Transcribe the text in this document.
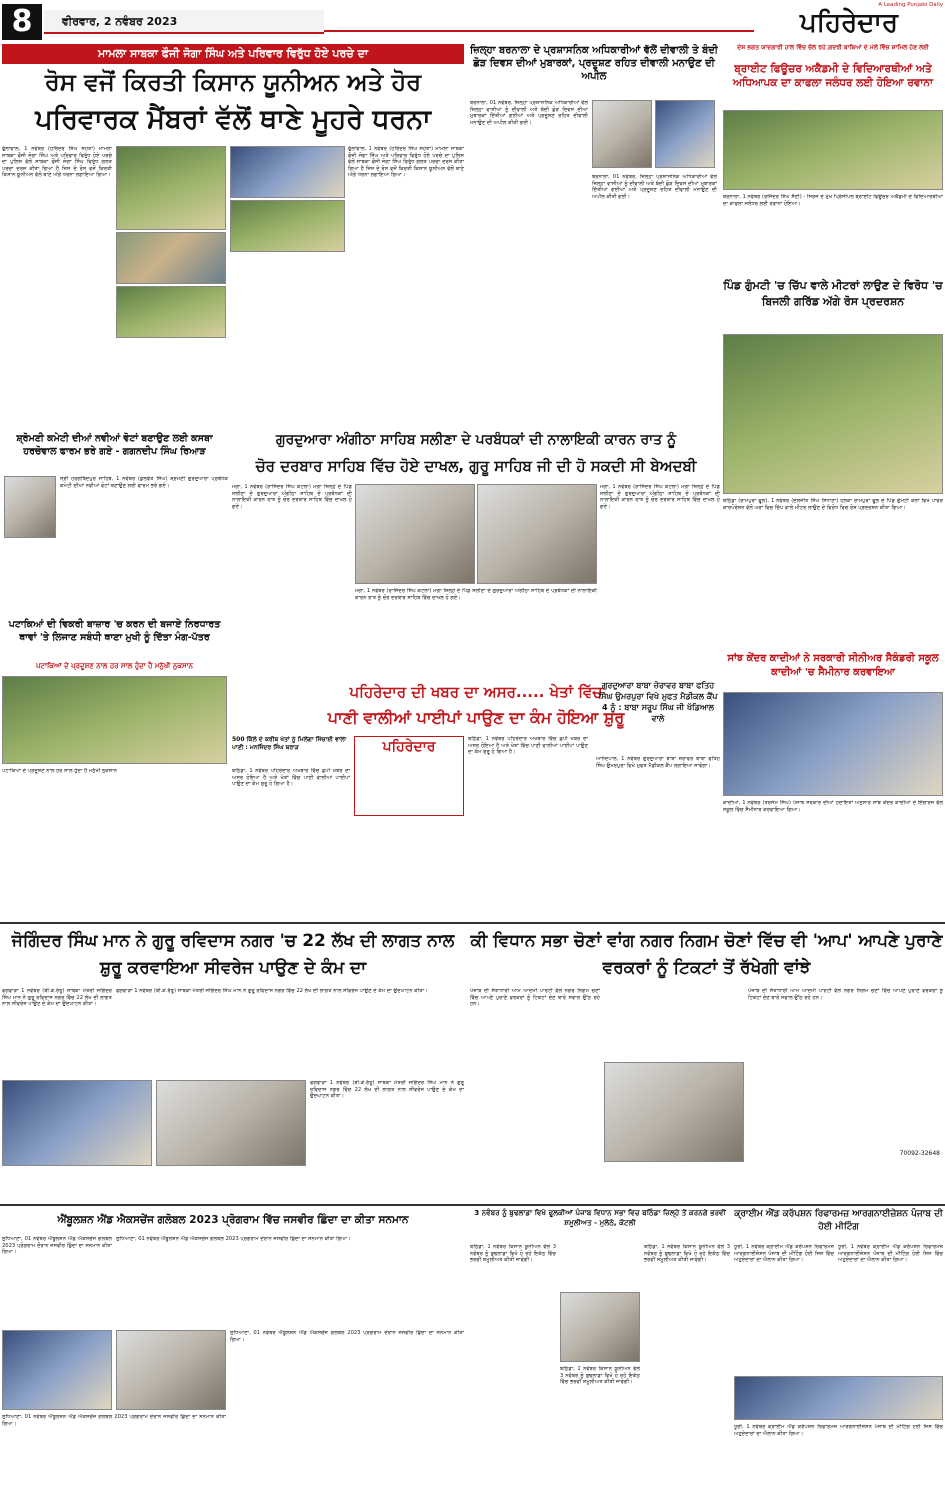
8	ਵੀਰਵਾਰ, 2 ਨਵੰਬਰ 2023
A Leading Punjabi Daily
ਪਹਿਰੇਦਾਰ
ਮਾਮਲਾ ਸਾਬਕਾ ਫੌਜੀ ਜੋਗਾ ਸਿੰਘ ਅਤੇ ਪਰਿਵਾਰ ਵਿਰੁੱਧ ਹੋਏ ਪਰਚੇ ਦਾ
ਰੋਸ ਵਜੋਂ ਕਿਰਤੀ ਕਿਸਾਨ ਯੂਨੀਅਨ ਅਤੇ ਹੋਰ
ਪਰਿਵਾਰਕ ਮੈਂਬਰਾਂ ਵੱਲੋਂ ਥਾਣੇ ਮੂਹਰੇ ਧਰਨਾ
ਫੁੱਲਾਂਵਾਲ, 1 ਨਵੰਬਰ (ਹਰਿੰਦਰ ਸਿੰਘ ਸਹੋਤਾ) ਮਾਮਲਾ ਸਾਬਕਾ ਫੌਜੀ ਜੋਗਾ ਸਿੰਘ ਅਤੇ ਪਰਿਵਾਰ ਵਿਰੁੱਧ ਹੋਏ ਪਰਚੇ ਦਾ ਪੁਲਿਸ ਵੱਲੋਂ ਸਾਬਕਾ ਫੌਜੀ ਜੋਗਾ ਸਿੰਘ ਵਿਰੁੱਧ ਗਲਤ ਪਰਚਾ ਦਰਜ ਕੀਤਾ ਗਿਆ ਹੈ ਜਿਸ ਦੇ ਰੋਸ ਵਜੋਂ ਕਿਰਤੀ ਕਿਸਾਨ ਯੂਨੀਅਨ ਵੱਲੋਂ ਥਾਣੇ ਅੱਗੇ ਧਰਨਾ ਲਗਾਇਆ ਗਿਆ।
ਫੁੱਲਾਂਵਾਲ, 1 ਨਵੰਬਰ (ਹਰਿੰਦਰ ਸਿੰਘ ਸਹੋਤਾ) ਮਾਮਲਾ ਸਾਬਕਾ ਫੌਜੀ ਜੋਗਾ ਸਿੰਘ ਅਤੇ ਪਰਿਵਾਰ ਵਿਰੁੱਧ ਹੋਏ ਪਰਚੇ ਦਾ ਪੁਲਿਸ ਵੱਲੋਂ ਸਾਬਕਾ ਫੌਜੀ ਜੋਗਾ ਸਿੰਘ ਵਿਰੁੱਧ ਗਲਤ ਪਰਚਾ ਦਰਜ ਕੀਤਾ ਗਿਆ ਹੈ ਜਿਸ ਦੇ ਰੋਸ ਵਜੋਂ ਕਿਰਤੀ ਕਿਸਾਨ ਯੂਨੀਅਨ ਵੱਲੋਂ ਥਾਣੇ ਅੱਗੇ ਧਰਨਾ ਲਗਾਇਆ ਗਿਆ।
ਜ਼ਿਲ੍ਹਾ ਬਰਨਾਲਾ ਦੇ ਪ੍ਰਸ਼ਾਸਨਿਕ ਅਧਿਕਾਰੀਆਂ ਵੱਲੋਂ ਦੀਵਾਲੀ ਤੇ ਬੰਦੀ ਛੋੜ ਦਿਵਸ ਦੀਆਂ ਮੁਬਾਰਕਾਂ, ਪ੍ਰਦੂਸ਼ਣ ਰਹਿਤ ਦੀਵਾਲੀ ਮਨਾਉਣ ਦੀ ਅਪੀਲ
ਬਰਨਾਲਾ, 01 ਨਵੰਬਰ, ਜ਼ਿਲ੍ਹਾ ਪ੍ਰਸ਼ਾਸਨਿਕ ਅਧਿਕਾਰੀਆਂ ਵੱਲੋਂ ਜ਼ਿਲ੍ਹਾ ਵਾਸੀਆਂ ਨੂੰ ਦੀਵਾਲੀ ਅਤੇ ਬੰਦੀ ਛੋੜ ਦਿਵਸ ਦੀਆਂ ਮੁਬਾਰਕਾਂ ਦਿੱਤੀਆਂ ਗਈਆਂ ਅਤੇ ਪ੍ਰਦੂਸ਼ਣ ਰਹਿਤ ਦੀਵਾਲੀ ਮਨਾਉਣ ਦੀ ਅਪੀਲ ਕੀਤੀ ਗਈ।
ਬਰਨਾਲਾ, 01 ਨਵੰਬਰ, ਜ਼ਿਲ੍ਹਾ ਪ੍ਰਸ਼ਾਸਨਿਕ ਅਧਿਕਾਰੀਆਂ ਵੱਲੋਂ ਜ਼ਿਲ੍ਹਾ ਵਾਸੀਆਂ ਨੂੰ ਦੀਵਾਲੀ ਅਤੇ ਬੰਦੀ ਛੋੜ ਦਿਵਸ ਦੀਆਂ ਮੁਬਾਰਕਾਂ ਦਿੱਤੀਆਂ ਗਈਆਂ ਅਤੇ ਪ੍ਰਦੂਸ਼ਣ ਰਹਿਤ ਦੀਵਾਲੀ ਮਨਾਉਣ ਦੀ ਅਪੀਲ ਕੀਤੀ ਗਈ।
ਦੇਸ਼ ਭਗਤ ਯਾਦਗਾਰੀ ਹਾਲ ਵਿੱਚ ਚੱਲ ਰਹੇ ਗ਼ਦਰੀ ਬਾਬਿਆਂ ਦੇ ਮੇਲੇ ਵਿੱਚ ਸ਼ਾਮਿਲ ਹੋਣ ਲਈ
ਬ੍ਰਾਈਟ ਫਿਊਚਰ ਅਕੈਡਮੀ ਦੇ ਵਿਦਿਆਰਥੀਆਂ ਅਤੇ ਅਧਿਆਪਕ ਦਾ ਕਾਫਲਾ ਜਲੰਧਰ ਲਈ ਹੋਇਆ ਰਵਾਨਾ
ਬਰਨਾਲਾ, 1 ਨਵੰਬਰ (ਰਜਿੰਦਰ ਸਿੰਘ ਸੈਣੀ) - ਸਿਰਜ ਦੇ ਮੁੱਖ ਪ੍ਰਿੰਸੀਪਲ ਬ੍ਰਾਈਟ ਫਿਊਚਰ ਅਕੈਡਮੀ ਦੇ ਵਿਦਿਆਰਥੀਆਂ ਦਾ ਕਾਫਲਾ ਜਲੰਧਰ ਲਈ ਰਵਾਨਾ ਹੋਇਆ।
ਪਿੰਡ ਗੁੰਮਟੀ 'ਚ ਚਿੱਪ ਵਾਲੇ ਮੀਟਰਾਂ ਲਾਉਣ ਦੇ ਵਿਰੋਧ 'ਚ ਬਿਜਲੀ ਗਰਿੱਡ ਅੱਗੇ ਰੋਸ ਪ੍ਰਦਰਸ਼ਨ
ਬਠਿੰਡਾ (ਰਾਮਪੁਰਾ ਫੂਲ), 1 ਨਵੰਬਰ (ਦਲਜੀਤ ਸਿੰਘ ਸਿਧਾਣਾ) ਹਲਕਾ ਰਾਮਪੁਰਾ ਫੂਲ ਦੇ ਪਿੰਡ ਗੁੰਮਟੀ ਕਲਾਂ ਵਿਖੇ ਪਾਵਰ ਕਾਰਪੋਰੇਸ਼ਨ ਵੱਲੋਂ ਘਰਾਂ ਵਿਚ ਚਿੱਪ ਵਾਲੇ ਮੀਟਰ ਲਾਉਣ ਦੇ ਵਿਰੋਧ ਵਿਚ ਰੋਸ ਪ੍ਰਦਰਸ਼ਨ ਕੀਤਾ ਗਿਆ।
ਸ਼੍ਰੋਮਣੀ ਕਮੇਟੀ ਦੀਆਂ ਨਵੀਆਂ ਵੋਟਾਂ ਬਣਾਉਣ ਲਈ ਕਸਬਾ ਹਰਚੋਵਾਲ ਫਾਰਮ ਭਰੇ ਗਏ - ਗਗਨਦੀਪ ਸਿੰਘ ਰਿਆੜ
ਸ੍ਰੀ ਹਰਗੋਬਿੰਦਪੁਰ ਸਾਹਿਬ, 1 ਨਵੰਬਰ (ਕੁਲਵੰਤ ਸਿੰਘ) ਸ਼੍ਰੋਮਣੀ ਗੁਰਦੁਆਰਾ ਪ੍ਰਬੰਧਕ ਕਮੇਟੀ ਦੀਆਂ ਨਵੀਆਂ ਵੋਟਾਂ ਬਣਾਉਣ ਲਈ ਫਾਰਮ ਭਰੇ ਗਏ।
ਪਟਾਕਿਆਂ ਦੀ ਵਿਕਰੀ ਬਾਜ਼ਾਰ 'ਚ ਕਰਨ ਦੀ ਬਜਾਏ ਨਿਰਧਾਰਤ ਥਾਵਾਂ 'ਤੇ ਲਿਜਾਣ ਸਬੰਧੀ ਥਾਣਾ ਮੁਖੀ ਨੂੰ ਦਿੱਤਾ ਮੰਗ-ਪੱਤਰ
ਪਟਾਕਿਆਂ ਦੇ ਪ੍ਰਦੂਸ਼ਣ ਨਾਲ ਹਰ ਸਾਲ ਹੁੰਦਾ ਹੈ ਮਨੁੱਖੀ ਨੁਕਸਾਨ
ਗੁਰਦੁਆਰਾ ਅੰਗੀਠਾ ਸਾਹਿਬ ਸਲੀਣਾ ਦੇ ਪਰਬੰਧਕਾਂ ਦੀ ਨਾਲਾਇਕੀ ਕਾਰਨ ਰਾਤ ਨੂੰ
ਚੋਰ ਦਰਬਾਰ ਸਾਹਿਬ ਵਿੱਚ ਹੋਏ ਦਾਖਲ, ਗੁਰੂ ਸਾਹਿਬ ਜੀ ਦੀ ਹੋ ਸਕਦੀ ਸੀ ਬੇਅਦਬੀ
ਮੋਗਾ, 1 ਨਵੰਬਰ (ਰਾਜਿੰਦਰ ਸਿੰਘ ਕੋਟਲਾ) ਮੋਗਾ ਜ਼ਿਲ੍ਹੇ ਦੇ ਪਿੰਡ ਸਲੀਣਾ ਦੇ ਗੁਰਦੁਆਰਾ ਅੰਗੀਠਾ ਸਾਹਿਬ ਦੇ ਪ੍ਰਬੰਧਕਾਂ ਦੀ ਨਾਲਾਇਕੀ ਕਾਰਨ ਰਾਤ ਨੂੰ ਚੋਰ ਦਰਬਾਰ ਸਾਹਿਬ ਵਿੱਚ ਦਾਖਲ ਹੋ ਗਏ।
ਮੋਗਾ, 1 ਨਵੰਬਰ (ਰਾਜਿੰਦਰ ਸਿੰਘ ਕੋਟਲਾ) ਮੋਗਾ ਜ਼ਿਲ੍ਹੇ ਦੇ ਪਿੰਡ ਸਲੀਣਾ ਦੇ ਗੁਰਦੁਆਰਾ ਅੰਗੀਠਾ ਸਾਹਿਬ ਦੇ ਪ੍ਰਬੰਧਕਾਂ ਦੀ ਨਾਲਾਇਕੀ ਕਾਰਨ ਰਾਤ ਨੂੰ ਚੋਰ ਦਰਬਾਰ ਸਾਹਿਬ ਵਿੱਚ ਦਾਖਲ ਹੋ ਗਏ।
ਮੋਗਾ, 1 ਨਵੰਬਰ (ਰਾਜਿੰਦਰ ਸਿੰਘ ਕੋਟਲਾ) ਮੋਗਾ ਜ਼ਿਲ੍ਹੇ ਦੇ ਪਿੰਡ ਸਲੀਣਾ ਦੇ ਗੁਰਦੁਆਰਾ ਅੰਗੀਠਾ ਸਾਹਿਬ ਦੇ ਪ੍ਰਬੰਧਕਾਂ ਦੀ ਨਾਲਾਇਕੀ ਕਾਰਨ ਰਾਤ ਨੂੰ ਚੋਰ ਦਰਬਾਰ ਸਾਹਿਬ ਵਿੱਚ ਦਾਖਲ ਹੋ ਗਏ।
ਪਹਿਰੇਦਾਰ ਦੀ ਖਬਰ ਦਾ ਅਸਰ..... ਖੇਤਾਂ ਵਿੱਚ
ਪਾਣੀ ਵਾਲੀਆਂ ਪਾਈਪਾਂ ਪਾਉਣ ਦਾ ਕੰਮ ਹੋਇਆ ਸ਼ੁਰੂ
500 ਕਿੱਲੇ ਦੇ ਕਰੀਬ ਖੇਤਾਂ ਨੂੰ ਮਿਲੇਗਾ ਸਿੰਚਾਈ ਵਾਲਾ ਪਾਣੀ : ਮਨਜਿੰਦਰ ਸਿੰਘ ਬਰਾੜ
ਬਠਿੰਡਾ, 1 ਨਵੰਬਰ ਪਹਿਰੇਦਾਰ ਅਖਬਾਰ ਵਿੱਚ ਛਪੀ ਖਬਰ ਦਾ ਅਸਰ ਹੋਇਆ ਹੈ ਅਤੇ ਖੇਤਾਂ ਵਿੱਚ ਪਾਣੀ ਵਾਲੀਆਂ ਪਾਈਪਾਂ ਪਾਉਣ ਦਾ ਕੰਮ ਸ਼ੁਰੂ ਹੋ ਗਿਆ ਹੈ।
ਪਹਿਰੇਦਾਰ	ਬਠਿੰਡਾ, 1 ਨਵੰਬਰ ਪਹਿਰੇਦਾਰ ਅਖਬਾਰ ਵਿੱਚ ਛਪੀ ਖਬਰ ਦਾ ਅਸਰ ਹੋਇਆ ਹੈ ਅਤੇ ਖੇਤਾਂ ਵਿੱਚ ਪਾਣੀ ਵਾਲੀਆਂ ਪਾਈਪਾਂ ਪਾਉਣ ਦਾ ਕੰਮ ਸ਼ੁਰੂ ਹੋ ਗਿਆ ਹੈ।
ਗੁਰਦੁਆਰਾ ਬਾਬਾ ਜ਼ੋਰਾਵਰ ਬਾਬਾ ਫਤਿਹ ਸਿੰਘ ਉਮਰਪੁਰਾ ਵਿਖੇ ਮੁਫਤ ਮੈਡੀਕਲ ਕੈਂਪ 4 ਨੂੰ : ਬਾਬਾ ਸਰੂਪ ਸਿੰਘ ਜੀ ਖੱਡਿਆਲ ਵਾਲੇ
ਆਨੰਦਪਾਲ, 1 ਨਵੰਬਰ ਗੁਰਦੁਆਰਾ ਬਾਬਾ ਜ਼ੋਰਾਵਰ ਬਾਬਾ ਫਤਿਹ ਸਿੰਘ ਉਮਰਪੁਰਾ ਵਿਖੇ ਮੁਫਤ ਮੈਡੀਕਲ ਕੈਂਪ ਲਗਾਇਆ ਜਾਵੇਗਾ।
ਸਾਂਝ ਕੇਂਦਰ ਕਾਦੀਆਂ ਨੇ ਸਰਕਾਰੀ ਸੀਨੀਅਰ ਸੈਕੰਡਰੀ ਸਕੂਲ ਕਾਦੀਆਂ 'ਚ ਸੈਮੀਨਾਰ ਕਰਵਾਇਆ
ਕਾਦੀਆਂ, 1 ਨਵੰਬਰ (ਤਰਸੇਮ ਸਿੰਘ) ਪੰਜਾਬ ਸਰਕਾਰ ਦੀਆਂ ਹਦਾਇਤਾਂ ਅਨੁਸਾਰ ਸਾਂਝ ਕੇਂਦਰ ਕਾਦੀਆਂ ਦੇ ਇੰਚਾਰਜ ਵੱਲੋਂ ਸਕੂਲ ਵਿੱਚ ਸੈਮੀਨਾਰ ਕਰਵਾਇਆ ਗਿਆ।
ਪਟਾਕਿਆਂ ਦੇ ਪ੍ਰਦੂਸ਼ਣ ਨਾਲ ਹਰ ਸਾਲ ਹੁੰਦਾ ਹੈ ਮਨੁੱਖੀ ਨੁਕਸਾਨ
ਜੋਗਿੰਦਰ ਸਿੰਘ ਮਾਨ ਨੇ ਗੁਰੂ ਰਵਿਦਾਸ ਨਗਰ 'ਚ 22 ਲੱਖ ਦੀ ਲਾਗਤ ਨਾਲ ਸ਼ੁਰੂ ਕਰਵਾਇਆ ਸੀਵਰੇਜ ਪਾਉਣ ਦੇ ਕੰਮ ਦਾ
ਫਗਵਾੜਾ 1 ਨਵੰਬਰ (ਬੀ.ਕੇ.ਰੱਤੂ) ਸਾਬਕਾ ਮੰਤਰੀ ਜੋਗਿੰਦਰ ਸਿੰਘ ਮਾਨ ਨੇ ਗੁਰੂ ਰਵਿਦਾਸ ਨਗਰ ਵਿੱਚ 22 ਲੱਖ ਦੀ ਲਾਗਤ ਨਾਲ ਸੀਵਰੇਜ ਪਾਉਣ ਦੇ ਕੰਮ ਦਾ ਉਦਘਾਟਨ ਕੀਤਾ।
ਫਗਵਾੜਾ 1 ਨਵੰਬਰ (ਬੀ.ਕੇ.ਰੱਤੂ) ਸਾਬਕਾ ਮੰਤਰੀ ਜੋਗਿੰਦਰ ਸਿੰਘ ਮਾਨ ਨੇ ਗੁਰੂ ਰਵਿਦਾਸ ਨਗਰ ਵਿੱਚ 22 ਲੱਖ ਦੀ ਲਾਗਤ ਨਾਲ ਸੀਵਰੇਜ ਪਾਉਣ ਦੇ ਕੰਮ ਦਾ ਉਦਘਾਟਨ ਕੀਤਾ।
ਫਗਵਾੜਾ 1 ਨਵੰਬਰ (ਬੀ.ਕੇ.ਰੱਤੂ) ਸਾਬਕਾ ਮੰਤਰੀ ਜੋਗਿੰਦਰ ਸਿੰਘ ਮਾਨ ਨੇ ਗੁਰੂ ਰਵਿਦਾਸ ਨਗਰ ਵਿੱਚ 22 ਲੱਖ ਦੀ ਲਾਗਤ ਨਾਲ ਸੀਵਰੇਜ ਪਾਉਣ ਦੇ ਕੰਮ ਦਾ ਉਦਘਾਟਨ ਕੀਤਾ।
ਕੀ ਵਿਧਾਨ ਸਭਾ ਚੋਣਾਂ ਵਾਂਗ ਨਗਰ ਨਿਗਮ ਚੋਣਾਂ ਵਿੱਚ ਵੀ 'ਆਪ' ਆਪਣੇ ਪੁਰਾਣੇ ਵਰਕਰਾਂ ਨੂੰ ਟਿਕਟਾਂ ਤੋਂ ਰੱਖੇਗੀ ਵਾਂਝੇ
ਪੰਜਾਬ ਦੀ ਸੱਤਾਧਾਰੀ ਆਮ ਆਦਮੀ ਪਾਰਟੀ ਵੱਲੋਂ ਨਗਰ ਨਿਗਮ ਚੋਣਾਂ ਵਿੱਚ ਆਪਣੇ ਪੁਰਾਣੇ ਵਰਕਰਾਂ ਨੂੰ ਟਿਕਟਾਂ ਦੇਣ ਬਾਰੇ ਸਵਾਲ ਉੱਠ ਰਹੇ ਹਨ।
ਪੰਜਾਬ ਦੀ ਸੱਤਾਧਾਰੀ ਆਮ ਆਦਮੀ ਪਾਰਟੀ ਵੱਲੋਂ ਨਗਰ ਨਿਗਮ ਚੋਣਾਂ ਵਿੱਚ ਆਪਣੇ ਪੁਰਾਣੇ ਵਰਕਰਾਂ ਨੂੰ ਟਿਕਟਾਂ ਦੇਣ ਬਾਰੇ ਸਵਾਲ ਉੱਠ ਰਹੇ ਹਨ।
70092-32648
ਐਂਬੂਲਸ਼ਨ ਐਂਡ ਐਕਸਚੇਂਜ ਗਲੋਬਲ 2023 ਪ੍ਰੋਗਰਾਮ ਵਿੱਚ ਜਸਵੀਰ ਛਿੰਦਾ ਦਾ ਕੀਤਾ ਸਨਮਾਨ
ਲੁਧਿਆਣਾ, 01 ਨਵੰਬਰ ਐਂਬੂਲਸ਼ਨ ਐਂਡ ਐਕਸਚੇਂਜ ਗਲੋਬਲ 2023 ਪ੍ਰੋਗਰਾਮ ਦੌਰਾਨ ਜਸਵੀਰ ਛਿੰਦਾ ਦਾ ਸਨਮਾਨ ਕੀਤਾ ਗਿਆ।
ਲੁਧਿਆਣਾ, 01 ਨਵੰਬਰ ਐਂਬੂਲਸ਼ਨ ਐਂਡ ਐਕਸਚੇਂਜ ਗਲੋਬਲ 2023 ਪ੍ਰੋਗਰਾਮ ਦੌਰਾਨ ਜਸਵੀਰ ਛਿੰਦਾ ਦਾ ਸਨਮਾਨ ਕੀਤਾ ਗਿਆ।
ਲੁਧਿਆਣਾ, 01 ਨਵੰਬਰ ਐਂਬੂਲਸ਼ਨ ਐਂਡ ਐਕਸਚੇਂਜ ਗਲੋਬਲ 2023 ਪ੍ਰੋਗਰਾਮ ਦੌਰਾਨ ਜਸਵੀਰ ਛਿੰਦਾ ਦਾ ਸਨਮਾਨ ਕੀਤਾ ਗਿਆ।
ਲੁਧਿਆਣਾ, 01 ਨਵੰਬਰ ਐਂਬੂਲਸ਼ਨ ਐਂਡ ਐਕਸਚੇਂਜ ਗਲੋਬਲ 2023 ਪ੍ਰੋਗਰਾਮ ਦੌਰਾਨ ਜਸਵੀਰ ਛਿੰਦਾ ਦਾ ਸਨਮਾਨ ਕੀਤਾ ਗਿਆ।
3 ਨਵੰਬਰ ਨੂੰ ਬੁਢਲਾਡਾ ਵਿਖੇ ਫੂਲਕੀਆਂ ਪੰਜਾਬ ਵਿਧਾਨ ਸਭਾ ਵਿਚ ਬਠਿੰਡਾ ਜ਼ਿਲ੍ਹੇ ਤੋਂ ਕਰਨਗੇ ਭਰਵੀਂ ਸ਼ਮੂਲੀਅਤ - ਮੁਲੇਠੇ, ਕੋਟਲੀ
ਬਠਿੰਡਾ, 1 ਨਵੰਬਰ ਕਿਸਾਨ ਯੂਨੀਅਨ ਵੱਲੋਂ 3 ਨਵੰਬਰ ਨੂੰ ਬੁਢਲਾਡਾ ਵਿਖੇ ਹੋ ਰਹੇ ਇਕੱਠ ਵਿੱਚ ਭਰਵੀਂ ਸ਼ਮੂਲੀਅਤ ਕੀਤੀ ਜਾਵੇਗੀ।
ਬਠਿੰਡਾ, 1 ਨਵੰਬਰ ਕਿਸਾਨ ਯੂਨੀਅਨ ਵੱਲੋਂ 3 ਨਵੰਬਰ ਨੂੰ ਬੁਢਲਾਡਾ ਵਿਖੇ ਹੋ ਰਹੇ ਇਕੱਠ ਵਿੱਚ ਭਰਵੀਂ ਸ਼ਮੂਲੀਅਤ ਕੀਤੀ ਜਾਵੇਗੀ।
ਬਠਿੰਡਾ, 1 ਨਵੰਬਰ ਕਿਸਾਨ ਯੂਨੀਅਨ ਵੱਲੋਂ 3 ਨਵੰਬਰ ਨੂੰ ਬੁਢਲਾਡਾ ਵਿਖੇ ਹੋ ਰਹੇ ਇਕੱਠ ਵਿੱਚ ਭਰਵੀਂ ਸ਼ਮੂਲੀਅਤ ਕੀਤੀ ਜਾਵੇਗੀ।
ਕ੍ਰਾਈਮ ਐਂਡ ਕਰੱਪਸ਼ਨ ਰਿਫਾਰਮਜ਼ ਆਰਗਨਾਈਜ਼ੇਸ਼ਨ ਪੰਜਾਬ ਦੀ ਹੋਈ ਮੀਟਿੰਗ
ਧੂਰੀ, 1 ਨਵੰਬਰ ਕ੍ਰਾਈਮ ਐਂਡ ਕਰੱਪਸ਼ਨ ਰਿਫਾਰਮਜ਼ ਆਰਗਨਾਈਜ਼ੇਸ਼ਨ ਪੰਜਾਬ ਦੀ ਮੀਟਿੰਗ ਹੋਈ ਜਿਸ ਵਿੱਚ ਅਹੁਦੇਦਾਰਾਂ ਦਾ ਐਲਾਨ ਕੀਤਾ ਗਿਆ।
ਧੂਰੀ, 1 ਨਵੰਬਰ ਕ੍ਰਾਈਮ ਐਂਡ ਕਰੱਪਸ਼ਨ ਰਿਫਾਰਮਜ਼ ਆਰਗਨਾਈਜ਼ੇਸ਼ਨ ਪੰਜਾਬ ਦੀ ਮੀਟਿੰਗ ਹੋਈ ਜਿਸ ਵਿੱਚ ਅਹੁਦੇਦਾਰਾਂ ਦਾ ਐਲਾਨ ਕੀਤਾ ਗਿਆ।
ਧੂਰੀ, 1 ਨਵੰਬਰ ਕ੍ਰਾਈਮ ਐਂਡ ਕਰੱਪਸ਼ਨ ਰਿਫਾਰਮਜ਼ ਆਰਗਨਾਈਜ਼ੇਸ਼ਨ ਪੰਜਾਬ ਦੀ ਮੀਟਿੰਗ ਹੋਈ ਜਿਸ ਵਿੱਚ ਅਹੁਦੇਦਾਰਾਂ ਦਾ ਐਲਾਨ ਕੀਤਾ ਗਿਆ।
